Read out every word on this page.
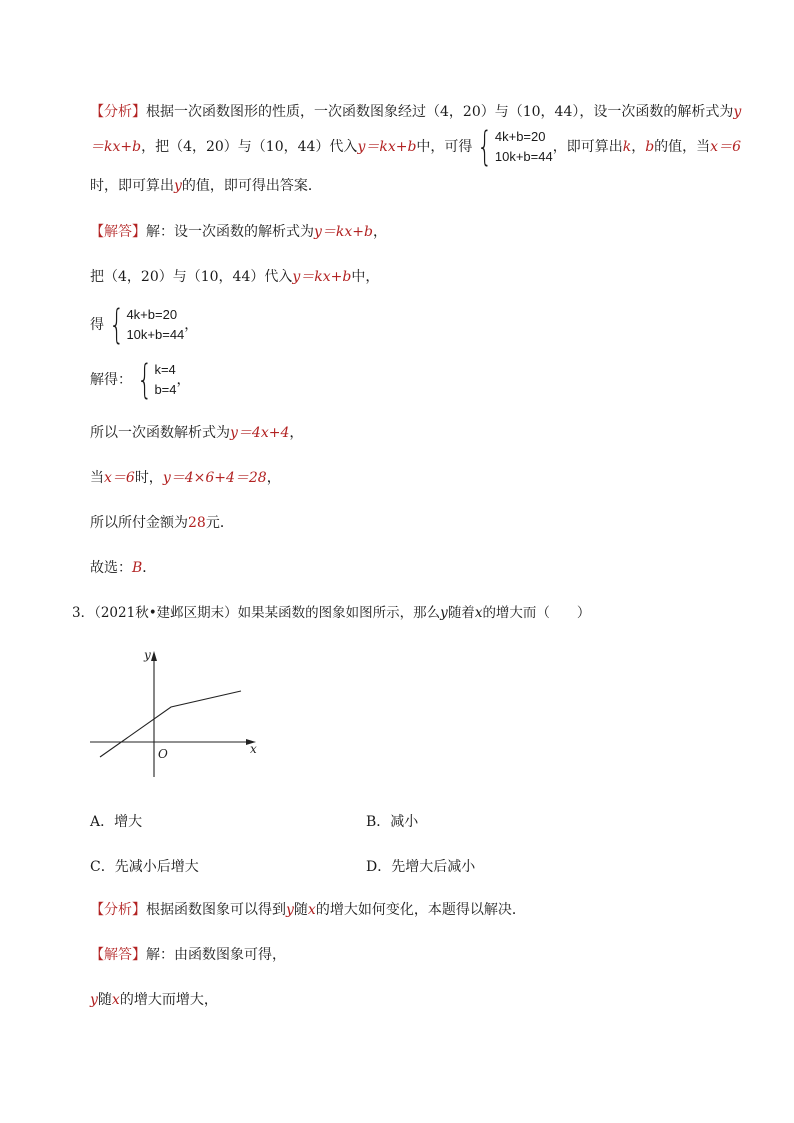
【分析】根据一次函数图形的性质，一次函数图象经过（4，20）与（10，44），设一次函数的解析式为y
＝kx+b，把（4，20）与（10，44）代入y＝kx+b中，可得 { 4k+b=20
10k+b=44
，即可算出k，b的值，当x＝6
时，即可算出y的值，即可得出答案．
【解答】解：设一次函数的解析式为y＝kx+b，
把（4，20）与（10，44）代入y＝kx+b中，
得 { 4k+b=20
10k+b=44
，
解得： { k=4
b=4
，
所以一次函数解析式为y＝4x+4，
当x＝6时，y＝4×6+4＝28，
所以所付金额为28元．
故选：B．
3．（2021秋•建邺区期末）如果某函数的图象如图所示，那么y随着x的增大而（　　）
y
x
O
A．增大	B．减小
C．先减小后增大	D．先增大后减小
【分析】根据函数图象可以得到y随x的增大如何变化，本题得以解决．
【解答】解：由函数图象可得，
y随x的增大而增大，
